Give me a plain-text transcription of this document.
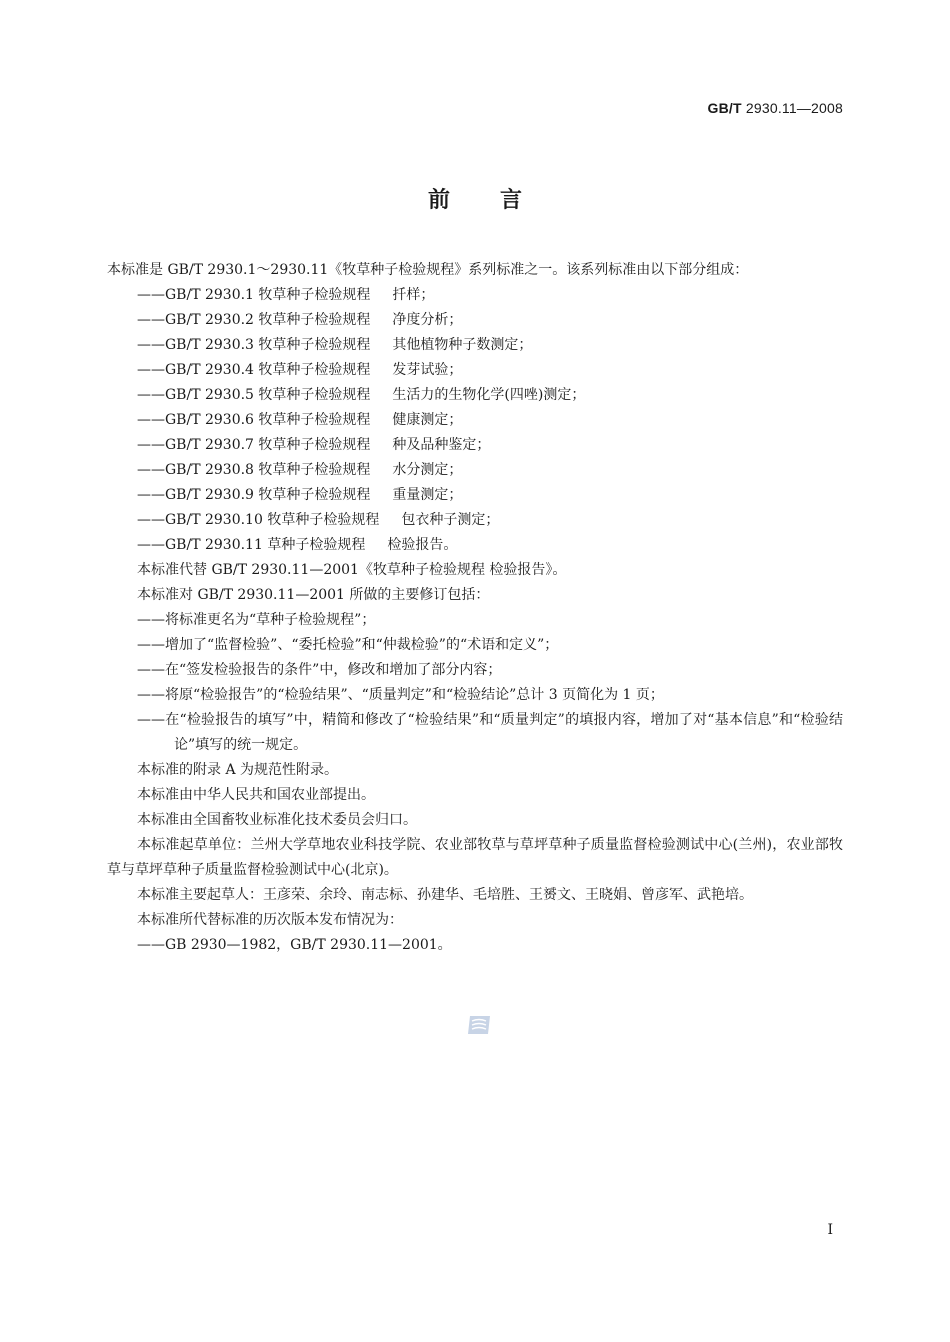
GB/T 2930.11—2008
前言

本标准是 GB/T 2930.1～2930.11《牧草种子检验规程》系列标准之一。该系列标准由以下部分组成：

——GB/T 2930.1 牧草种子检验规程 扦样；

——GB/T 2930.2 牧草种子检验规程 净度分析；

——GB/T 2930.3 牧草种子检验规程 其他植物种子数测定；

——GB/T 2930.4 牧草种子检验规程 发芽试验；

——GB/T 2930.5 牧草种子检验规程 生活力的生物化学(四唑)测定；

——GB/T 2930.6 牧草种子检验规程 健康测定；

——GB/T 2930.7 牧草种子检验规程 种及品种鉴定；

——GB/T 2930.8 牧草种子检验规程 水分测定；

——GB/T 2930.9 牧草种子检验规程 重量测定；

——GB/T 2930.10 牧草种子检验规程 包衣种子测定；

——GB/T 2930.11 草种子检验规程 检验报告。

本标准代替 GB/T 2930.11—2001《牧草种子检验规程 检验报告》。

本标准对 GB/T 2930.11—2001 所做的主要修订包括：

——将标准更名为“草种子检验规程”；

——增加了“监督检验”、“委托检验”和“仲裁检验”的“术语和定义”；

——在“签发检验报告的条件”中，修改和增加了部分内容；

——将原“检验报告”的“检验结果”、“质量判定”和“检验结论”总计 3 页简化为 1 页；

——在“检验报告的填写”中，精简和修改了“检验结果”和“质量判定”的填报内容，增加了对“基本信息”和“检验结论”填写的统一规定。

本标准的附录 A 为规范性附录。

本标准由中华人民共和国农业部提出。

本标准由全国畜牧业标准化技术委员会归口。

本标准起草单位：兰州大学草地农业科技学院、农业部牧草与草坪草种子质量监督检验测试中心(兰州)，农业部牧草与草坪草种子质量监督检验测试中心(北京)。

本标准主要起草人：王彦荣、余玲、南志标、孙建华、毛培胜、王赟文、王晓娟、曾彦军、武艳培。

本标准所代替标准的历次版本发布情况为：

——GB 2930—1982，GB/T 2930.11—2001。

I
